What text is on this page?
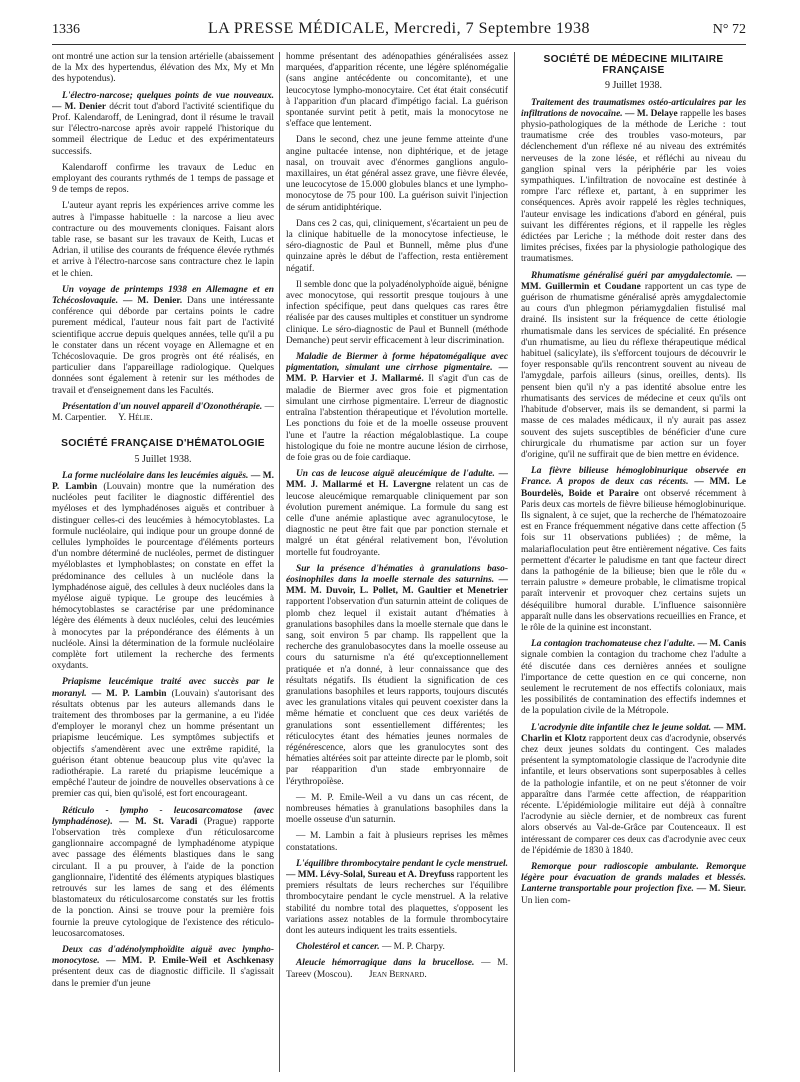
1336	LA PRESSE MÉDICALE, Mercredi, 7 Septembre 1938	N° 72

ont montré une action sur la tension artérielle (abaissement de la Mx des hypertendus, élévation des Mx, My et Mn des hypotendus).

L'électro-narcose; quelques points de vue nouveaux. — M. Denier décrit tout d'abord l'activité scientifique du Prof. Kalendaroff, de Leningrad, dont il résume le travail sur l'électro-narcose après avoir rappelé l'historique du sommeil électrique de Leduc et des expérimentateurs successifs.

Kalendaroff confirme les travaux de Leduc en employant des courants rythmés de 1 temps de passage et 9 de temps de repos.

L'auteur ayant repris les expériences arrive comme les autres à l'impasse habituelle : la narcose a lieu avec contracture ou des mouvements cloniques. Faisant alors table rase, se basant sur les travaux de Keith, Lucas et Adrian, il utilise des courants de fréquence élevée rythmés et arrive à l'électro-narcose sans contracture chez le lapin et le chien.

Un voyage de printemps 1938 en Allemagne et en Tchécoslovaquie. — M. Denier. Dans une intéressante conférence qui déborde par certains points le cadre purement médical, l'auteur nous fait part de l'activité scientifique accrue depuis quelques années, telle qu'il a pu le constater dans un récent voyage en Allemagne et en Tchécoslovaquie. De gros progrès ont été réalisés, en particulier dans l'appareillage radiologique. Quelques données sont également à retenir sur les méthodes de travail et d'enseignement dans les Facultés.

Présentation d'un nouvel appareil d'Ozonothérapie. — M. Carpentier. Y. Hélie.

SOCIÉTÉ FRANÇAISE D'HÉMATOLOGIE

5 Juillet 1938.

La forme nucléolaire dans les leucémies aiguës. — M. P. Lambin (Louvain) montre que la numération des nucléoles peut faciliter le diagnostic différentiel des myéloses et des lymphadénoses aiguës et contribuer à distinguer celles-ci des leucémies à hémocytoblastes. La formule nucléolaire, qui indique pour un groupe donné de cellules lymphoïdes le pourcentage d'éléments porteurs d'un nombre déterminé de nucléoles, permet de distinguer myéloblastes et lymphoblastes; on constate en effet la prédominance des cellules à un nucléole dans la lymphadénose aiguë, des cellules à deux nucléoles dans la myélose aiguë typique. Le groupe des leucémies à hémocytoblastes se caractérise par une prédominance légère des éléments à deux nucléoles, celui des leucémies à monocytes par la prépondérance des éléments à un nucléole. Ainsi la détermination de la formule nucléolaire complète fort utilement la recherche des ferments oxydants.

Priapisme leucémique traité avec succès par le moranyl. — M. P. Lambin (Louvain) s'autorisant des résultats obtenus par les auteurs allemands dans le traitement des thromboses par la germanine, a eu l'idée d'employer le moranyl chez un homme présentant un priapisme leucémique. Les symptômes subjectifs et objectifs s'amendèrent avec une extrême rapidité, la guérison étant obtenue beaucoup plus vite qu'avec la radiothérapie. La rareté du priapisme leucémique a empêché l'auteur de joindre de nouvelles observations à ce premier cas qui, bien qu'isolé, est fort encourageant.

Réticulo - lympho - leucosarcomatose (avec lymphadénose). — M. St. Varadi (Prague) rapporte l'observation très complexe d'un réticulosarcome ganglionnaire accompagné de lymphadénome atypique avec passage des éléments blastiques dans le sang circulant. Il a pu prouver, à l'aide de la ponction ganglionnaire, l'identité des éléments atypiques blastiques retrouvés sur les lames de sang et des éléments blastomateux du réticulosarcome constatés sur les frottis de la ponction. Ainsi se trouve pour la première fois fournie la preuve cytologique de l'existence des réticulo-leucosarcomatoses.

Deux cas d'adénolymphoïdite aiguë avec lympho-monocytose. — MM. P. Emile-Weil et Aschkenasy présentent deux cas de diagnostic difficile. Il s'agissait dans le premier d'un jeune

homme présentant des adénopathies généralisées assez marquées, d'apparition récente, une légère splénomégalie (sans angine antécédente ou concomitante), et une leucocytose lympho-monocytaire. Cet état était consécutif à l'apparition d'un placard d'impétigo facial. La guérison spontanée survint petit à petit, mais la monocytose ne s'efface que lentement.

Dans le second, chez une jeune femme atteinte d'une angine pultacée intense, non diphtérique, et de jetage nasal, on trouvait avec d'énormes ganglions angulo-maxillaires, un état général assez grave, une fièvre élevée, une leucocytose de 15.000 globules blancs et une lympho-monocytose de 75 pour 100. La guérison suivit l'injection de sérum antidiphtérique.

Dans ces 2 cas, qui, cliniquement, s'écartaient un peu de la clinique habituelle de la monocytose infectieuse, le séro-diagnostic de Paul et Bunnell, même plus d'une quinzaine après le début de l'affection, resta entièrement négatif.

Il semble donc que la polyadénolyphoïde aiguë, bénigne avec monocytose, qui ressortit presque toujours à une infection spécifique, peut dans quelques cas rares être réalisée par des causes multiples et constituer un syndrome clinique. Le séro-diagnostic de Paul et Bunnell (méthode Demanche) peut servir efficacement à leur discrimination.

Maladie de Biermer à forme hépatomégalique avec pigmentation, simulant une cirrhose pigmentaire. — MM. P. Harvier et J. Mallarmé. Il s'agit d'un cas de maladie de Biermer avec gros foie et pigmentation simulant une cirrhose pigmentaire. L'erreur de diagnostic entraîna l'abstention thérapeutique et l'évolution mortelle. Les ponctions du foie et de la moelle osseuse prouvent l'une et l'autre la réaction mégaloblastique. La coupe histologique du foie ne montre aucune lésion de cirrhose, de foie gras ou de foie cardiaque.

Un cas de leucose aiguë aleucémique de l'adulte. — MM. J. Mallarmé et H. Lavergne relatent un cas de leucose aleucémique remarquable cliniquement par son évolution purement anémique. La formule du sang est celle d'une anémie aplastique avec agranulocytose, le diagnostic ne peut être fait que par ponction sternale et malgré un état général relativement bon, l'évolution mortelle fut foudroyante.

Sur la présence d'hématies à granulations baso-éosinophiles dans la moelle sternale des saturnins. — MM. M. Duvoir, L. Pollet, M. Gaultier et Menetrier rapportent l'observation d'un saturnin atteint de coliques de plomb chez lequel il existait autant d'hématies à granulations basophiles dans la moelle sternale que dans le sang, soit environ 5 par champ. Ils rappellent que la recherche des granulobasocytes dans la moelle osseuse au cours du saturnisme n'a été qu'exceptionnellement pratiquée et n'a donné, à leur connaissance que des résultats négatifs. Ils étudient la signification de ces granulations basophiles et leurs rapports, toujours discutés avec les granulations vitales qui peuvent coexister dans la même hématie et concluent que ces deux variétés de granulations sont essentiellement différentes; les réticulocytes étant des hématies jeunes normales de régénérescence, alors que les granulocytes sont des hématies altérées soit par atteinte directe par le plomb, soit par réapparition d'un stade embryonnaire de l'érythropoïèse.

— M. P. Emile-Weil a vu dans un cas récent, de nombreuses hématies à granulations basophiles dans la moelle osseuse d'un saturnin.

— M. Lambin a fait à plusieurs reprises les mêmes constatations.

L'équilibre thrombocytaire pendant le cycle menstruel. — MM. Lévy-Solal, Sureau et A. Dreyfuss rapportent les premiers résultats de leurs recherches sur l'équilibre thrombocytaire pendant le cycle menstruel. A la relative stabilité du nombre total des plaquettes, s'opposent les variations assez notables de la formule thrombocytaire dont les auteurs indiquent les traits essentiels.

Cholestérol et cancer. — M. P. Charpy.

Aleucie hémorragique dans la brucellose. — M. Tareev (Moscou). Jean Bernard.

SOCIÉTÉ DE MÉDECINE MILITAIRE FRANÇAISE

9 Juillet 1938.

Traitement des traumatismes ostéo-articulaires par les infiltrations de novocaïne. — M. Delaye rappelle les bases physio-pathologiques de la méthode de Leriche : tout traumatisme crée des troubles vaso-moteurs, par déclenchement d'un réflexe né au niveau des extrémités nerveuses de la zone lésée, et réfléchi au niveau du ganglion spinal vers la périphérie par les voies sympathiques. L'infiltration de novocaïne est destinée à rompre l'arc réflexe et, partant, à en supprimer les conséquences. Après avoir rappelé les règles techniques, l'auteur envisage les indications d'abord en général, puis suivant les différentes régions, et il rappelle les règles édictées par Leriche ; la méthode doit rester dans des limites précises, fixées par la physiologie pathologique des traumatismes.

Rhumatisme généralisé guéri par amygdalectomie. — MM. Guillermin et Coudane rapportent un cas type de guérison de rhumatisme généralisé après amygdalectomie au cours d'un phlegmon périamygdalien fistulisé mal drainé. Ils insistent sur la fréquence de cette étiologie rhumatismale dans les services de spécialité. En présence d'un rhumatisme, au lieu du réflexe thérapeutique médical habituel (salicylate), ils s'efforcent toujours de découvrir le foyer responsable qu'ils rencontrent souvent au niveau de l'amygdale, parfois ailleurs (sinus, oreilles, dents). Ils pensent bien qu'il n'y a pas identité absolue entre les rhumatisants des services de médecine et ceux qu'ils ont l'habitude d'observer, mais ils se demandent, si parmi la masse de ces malades médicaux, il n'y aurait pas assez souvent des sujets susceptibles de bénéficier d'une cure chirurgicale du rhumatisme par action sur un foyer d'origine, qu'il ne suffirait que de bien mettre en évidence.

La fièvre bilieuse hémoglobinurique observée en France. A propos de deux cas récents. — MM. Le Bourdelès, Boide et Paraire ont observé récemment à Paris deux cas mortels de fièvre bilieuse hémoglobinurique. Ils signalent, à ce sujet, que la recherche de l'hématozoaire est en France fréquemment négative dans cette affection (5 fois sur 11 observations publiées) ; de même, la malariafloculation peut être entièrement négative. Ces faits permettent d'écarter le paludisme en tant que facteur direct dans la pathogénie de la bilieuse; bien que le rôle du « terrain palustre » demeure probable, le climatisme tropical paraît intervenir et provoquer chez certains sujets un déséquilibre humoral durable. L'influence saisonnière apparaît nulle dans les observations recueillies en France, et le rôle de la quinine est inconstant.

La contagion trachomateuse chez l'adulte. — M. Canis signale combien la contagion du trachome chez l'adulte a été discutée dans ces dernières années et souligne l'importance de cette question en ce qui concerne, non seulement le recrutement de nos effectifs coloniaux, mais les possibilités de contamination des effectifs indemnes et de la population civile de la Métropole.

L'acrodynie dite infantile chez le jeune soldat. — MM. Charlin et Klotz rapportent deux cas d'acrodynie, observés chez deux jeunes soldats du contingent. Ces malades présentent la symptomatologie classique de l'acrodynie dite infantile, et leurs observations sont superposables à celles de la pathologie infantile, et on ne peut s'étonner de voir apparaître dans l'armée cette affection, de réapparition récente. L'épidémiologie militaire eut déjà à connaître l'acrodynie au siècle dernier, et de nombreux cas furent alors observés au Val-de-Grâce par Coutenceaux. Il est intéressant de comparer ces deux cas d'acrodynie avec ceux de l'épidémie de 1830 à 1840.

Remorque pour radioscopie ambulante. Remorque légère pour évacuation de grands malades et blessés. Lanterne transportable pour projection fixe. — M. Sieur. Un lien com-
